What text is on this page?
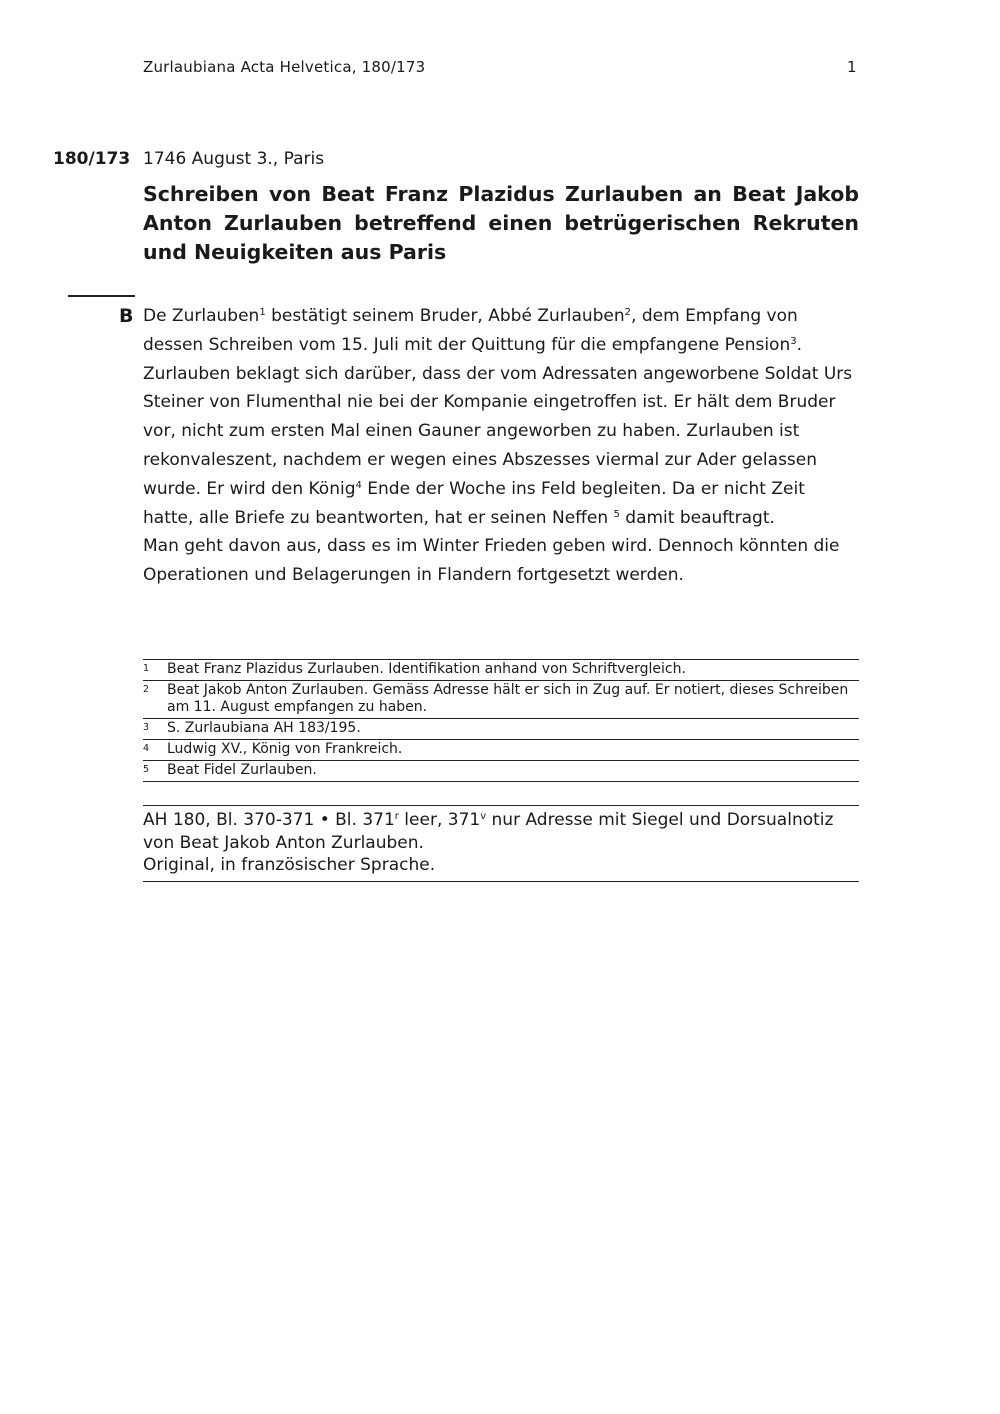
Zurlaubiana Acta Helvetica, 180/173	1
180/173 1746 August 3., Paris
Schreiben von Beat Franz Plazidus Zurlauben an Beat Jakob Anton Zurlauben betreffend einen betrügerischen Rekruten und Neuigkeiten aus Paris
B De Zurlauben$^1$ bestätigt seinem Bruder, Abbé Zurlauben$^2$, dem Empfang von dessen Schreiben vom 15. Juli mit der Quittung für die empfangene Pension$^3$. Zurlauben beklagt sich darüber, dass der vom Adressaten angeworbene Soldat Urs Steiner von Flumenthal nie bei der Kompanie eingetroffen ist. Er hält dem Bruder vor, nicht zum ersten Mal einen Gauner angeworben zu haben. Zurlauben ist rekonvaleszent, nachdem er wegen eines Abszesses viermal zur Ader gelassen wurde. Er wird den König$^4$ Ende der Woche ins Feld begleiten. Da er nicht Zeit hatte, alle Briefe zu beantworten, hat er seinen Neffen $^5$ damit beauftragt.

Man geht davon aus, dass es im Winter Frieden geben wird. Dennoch könnten die Operationen und Belagerungen in Flandern fortgesetzt werden.

1 Beat Franz Plazidus Zurlauben. Identifikation anhand von Schriftvergleich.
2 Beat Jakob Anton Zurlauben. Gemäss Adresse hält er sich in Zug auf. Er notiert, dieses Schreiben am 11. August empfangen zu haben.
3 S. Zurlaubiana AH 183/195.
4 Ludwig XV., König von Frankreich.
5 Beat Fidel Zurlauben.
AH 180, Bl. 370-371 • Bl. 371$^r$ leer, 371$^v$ nur Adresse mit Siegel und Dorsualnotiz von Beat Jakob Anton Zurlauben.
Original, in französischer Sprache.
